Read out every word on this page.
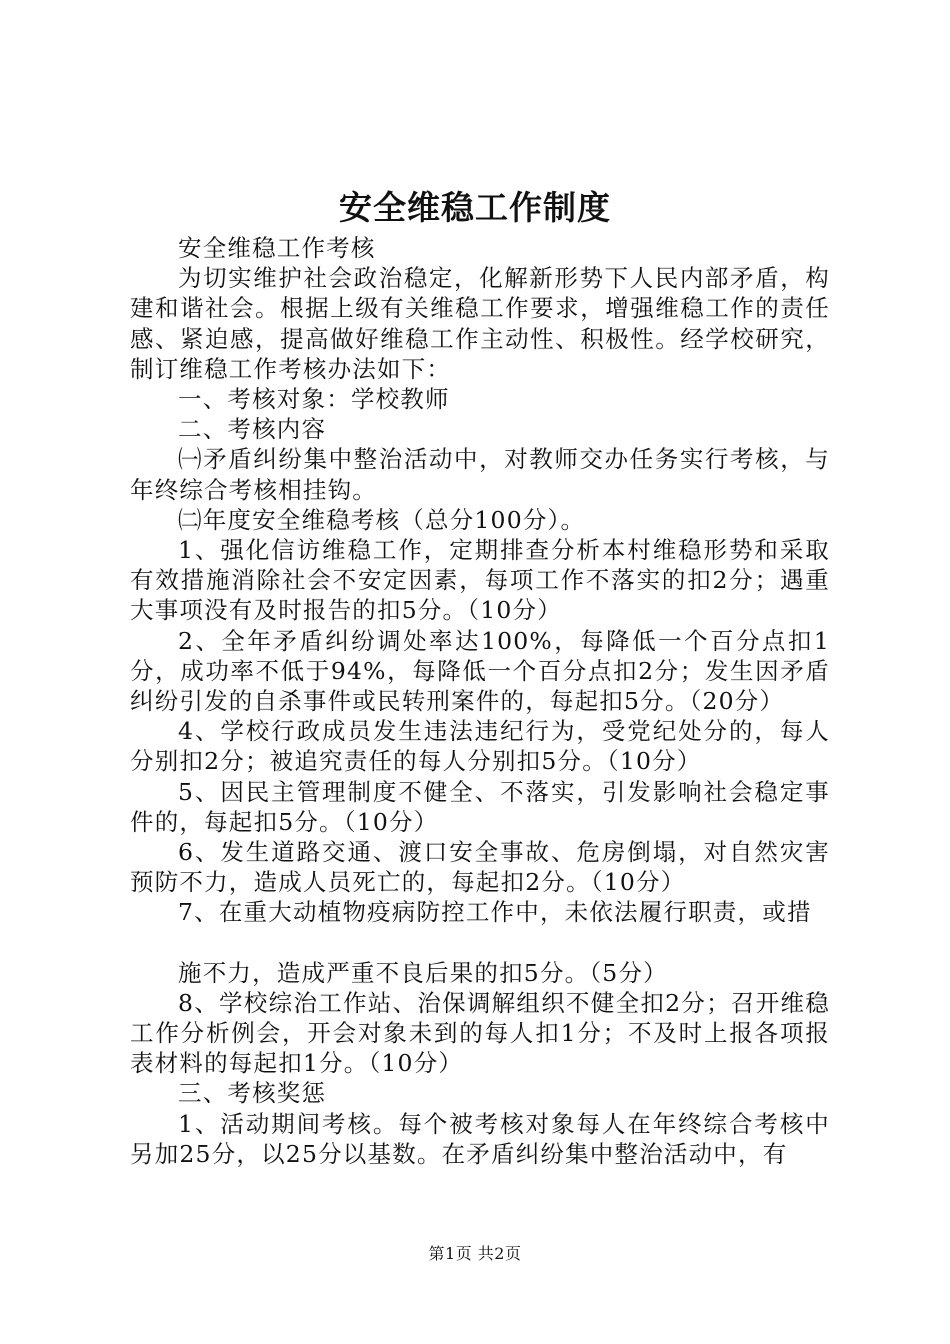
安全维稳工作制度

安全维稳工作考核

为切实维护社会政治稳定，化解新形势下人民内部矛盾，构建和谐社会。根据上级有关维稳工作要求，增强维稳工作的责任感、紧迫感，提高做好维稳工作主动性、积极性。经学校研究，制订维稳工作考核办法如下：

一、考核对象：学校教师

二、考核内容

㈠矛盾纠纷集中整治活动中，对教师交办任务实行考核，与年终综合考核相挂钩。

㈡年度安全维稳考核（总分100分）。

1、强化信访维稳工作，定期排查分析本村维稳形势和采取有效措施消除社会不安定因素，每项工作不落实的扣2分；遇重大事项没有及时报告的扣5分。（10分）

2、全年矛盾纠纷调处率达100%，每降低一个百分点扣1分，成功率不低于94%，每降低一个百分点扣2分；发生因矛盾纠纷引发的自杀事件或民转刑案件的，每起扣5分。（20分）

4、学校行政成员发生违法违纪行为，受党纪处分的，每人分别扣2分；被追究责任的每人分别扣5分。（10分）

5、因民主管理制度不健全、不落实，引发影响社会稳定事件的，每起扣5分。（10分）

6、发生道路交通、渡口安全事故、危房倒塌，对自然灾害预防不力，造成人员死亡的，每起扣2分。（10分）

7、在重大动植物疫病防控工作中，未依法履行职责，或措

施不力，造成严重不良后果的扣5分。（5分）

8、学校综治工作站、治保调解组织不健全扣2分；召开维稳工作分析例会，开会对象未到的每人扣1分；不及时上报各项报表材料的每起扣1分。（10分）

三、考核奖惩

1、活动期间考核。每个被考核对象每人在年终综合考核中另加25分，以25分以基数。在矛盾纠纷集中整治活动中，有

第1页 共2页
